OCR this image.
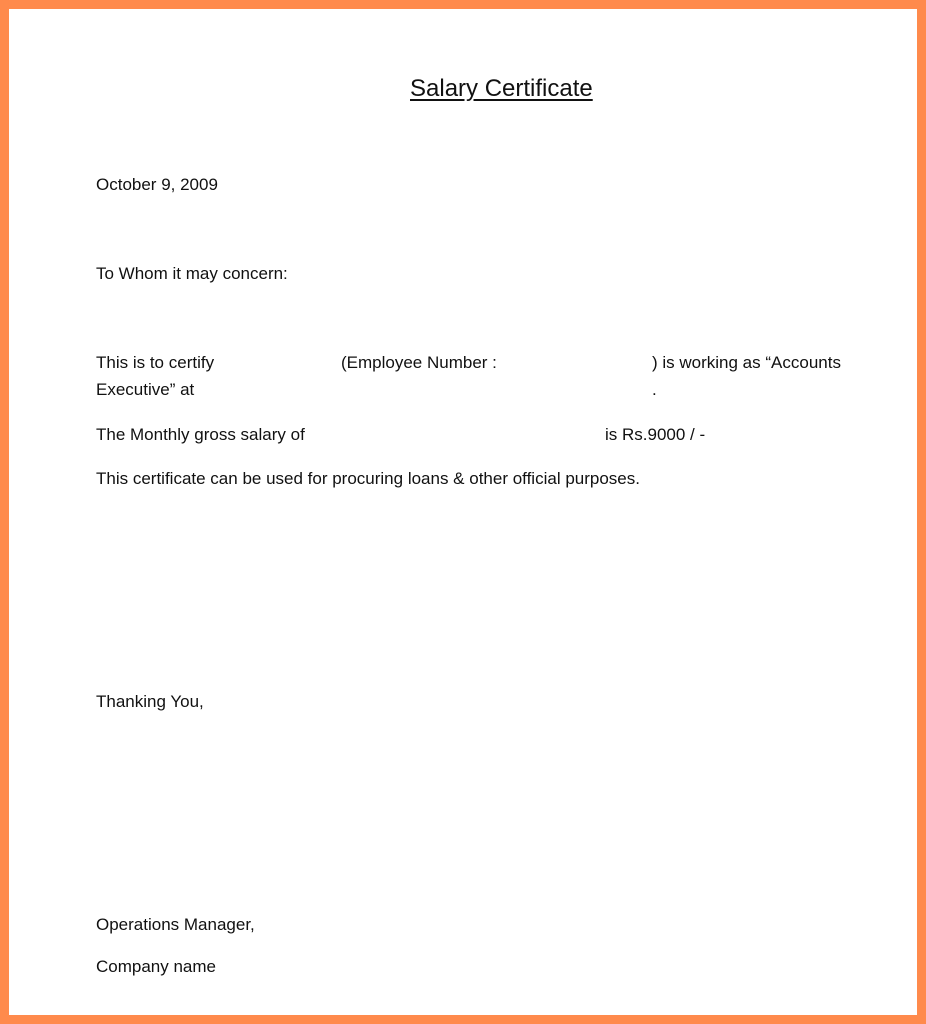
Salary Certificate
October 9, 2009
To Whom it may concern:
This is to certify	(Employee Number :	) is working as “Accounts
Executive” at	.
The Monthly gross salary of	is Rs.9000 / -
This certificate can be used for procuring loans & other official purposes.
Thanking You,
Operations Manager,
Company name
